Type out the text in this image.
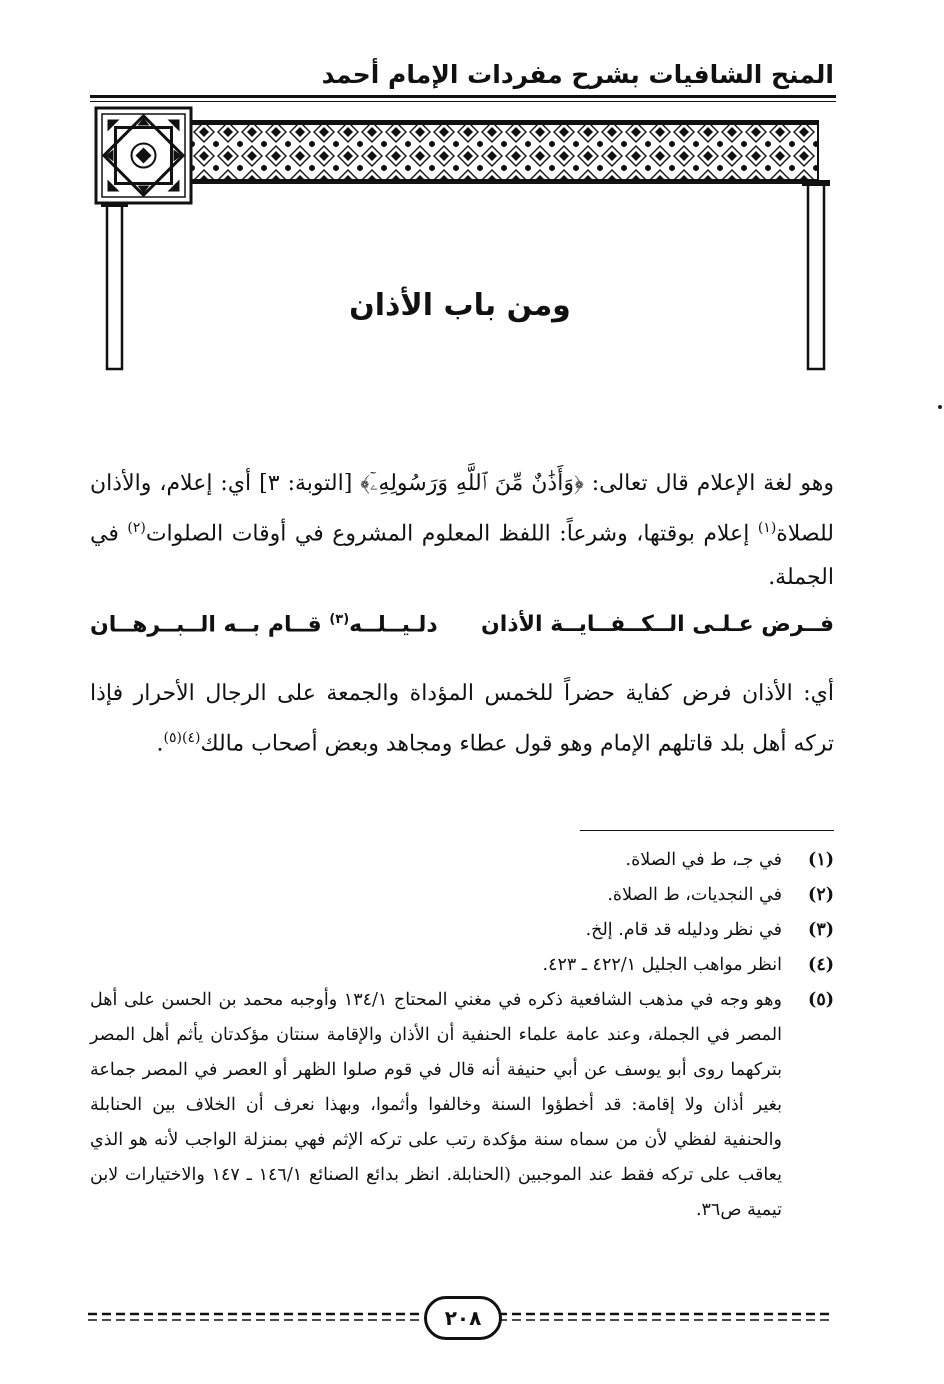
المنح الشافيات بشرح مفردات الإمام أحمد
ومن باب الأذان
وهو لغة الإعلام قال تعالى: ﴿وَأَذَٰنٌ مِّنَ ٱللَّهِ وَرَسُولِهِۦٓ﴾ [التوبة: ٣] أي: إعلام، والأذان للصلاة$^{(١)}$ إعلام بوقتها، وشرعاً: اللفظ المعلوم المشروع في أوقات الصلوات$^{(٢)}$ في الجملة.
فــرض عـلـى الــكــفــايــة الأذان
دلـيــلــه$^{(٣)}$ قــام بــه الــبــرهــان
أي: الأذان فرض كفاية حضراً للخمس المؤداة والجمعة على الرجال الأحرار فإذا تركه أهل بلد قاتلهم الإمام وهو قول عطاء ومجاهد وبعض أصحاب مالك$^{(٤)(٥)}$.
(١)
في جـ، ط في الصلاة.
(٢)
في النجديات، ط الصلاة.
(٣)
في نظر ودليله قد قام. إلخ.
(٤)
انظر مواهب الجليل ٤٢٢/١ ـ ٤٢٣.
(٥)
وهو وجه في مذهب الشافعية ذكره في مغني المحتاج ١٣٤/١ وأوجبه محمد بن الحسن على أهل المصر في الجملة، وعند عامة علماء الحنفية أن الأذان والإقامة سنتان مؤكدتان يأثم أهل المصر بتركهما روى أبو يوسف عن أبي حنيفة أنه قال في قوم صلوا الظهر أو العصر في المصر جماعة بغير أذان ولا إقامة: قد أخطؤوا السنة وخالفوا وأثموا، وبهذا نعرف أن الخلاف بين الحنابلة والحنفية لفظي لأن من سماه سنة مؤكدة رتب على تركه الإثم فهي بمنزلة الواجب لأنه هو الذي يعاقب على تركه فقط عند الموجبين (الحنابلة. انظر بدائع الصنائع ١٤٦/١ ـ ١٤٧ والاختيارات لابن تيمية ص٣٦.
٢٠٨
